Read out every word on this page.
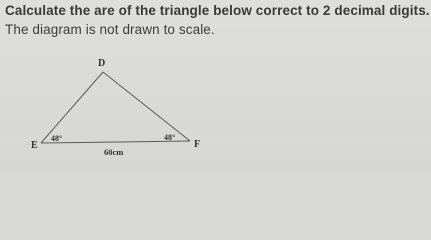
Calculate the are of the triangle below correct to 2 decimal digits.
The diagram is not drawn to scale.
D
E	F
48°	48°
60cm
